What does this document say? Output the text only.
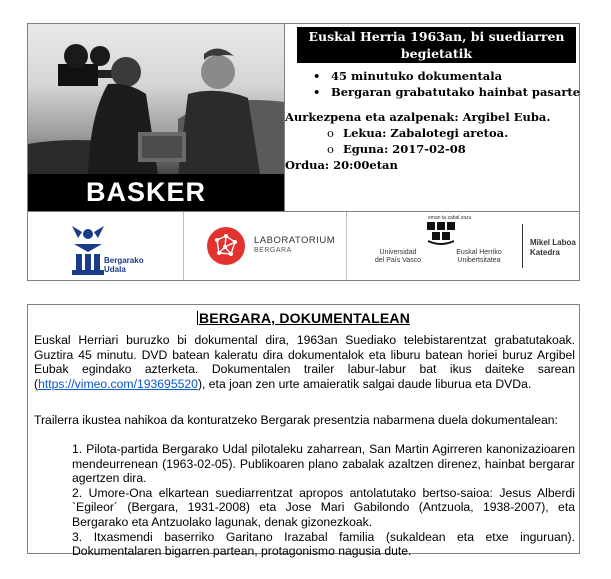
BASKER
Euskal Herria 1963an, bi suediarren begietatik
• 45 minutuko dokumentala
• Bergaran grabatutako hainbat pasarte
Aurkezpena eta azalpenak: Argibel Euba.
o Lekua: Zabalotegi aretoa.
o Eguna: 2017-02-08
Ordua: 20:00etan
Bergarako
Udala
LABORATORIUM
BERGARA
eman ta zabal zazu
Universidad
del País Vasco
Euskal Herriko
Unibertsitatea
Mikel Laboa
Katedra
BERGARA, DOKUMENTALEAN
Euskal Herriari buruzko bi dokumental dira, 1963an Suediako telebistarentzat grabatutakoak. Guztira 45 minutu. DVD batean kaleratu dira dokumentalok eta liburu batean horiei buruz Argibel Eubak egindako azterketa. Dokumentalen trailer labur-labur bat ikus daiteke sarean (https://vimeo.com/193695520), eta joan zen urte amaieratik salgai daude liburua eta DVDa.
Trailerra ikustea nahikoa da konturatzeko Bergarak presentzia nabarmena duela dokumentalean:
1. Pilota-partida Bergarako Udal pilotaleku zaharrean, San Martin Agirreren kanonizazioaren mendeurrenean (1963-02-05). Publikoaren plano zabalak azaltzen direnez, hainbat bergarar agertzen dira.
2. Umore-Ona elkartean suediarrentzat apropos antolatutako bertso-saioa: Jesus Alberdi `Egileor´ (Bergara, 1931-2008) eta Jose Mari Gabilondo (Antzuola, 1938-2007), eta Bergarako eta Antzuolako lagunak, denak gizonezkoak.
3. Itxasmendi baserriko Garitano Irazabal familia (sukaldean eta etxe inguruan). Dokumentalaren bigarren partean, protagonismo nagusia dute.
